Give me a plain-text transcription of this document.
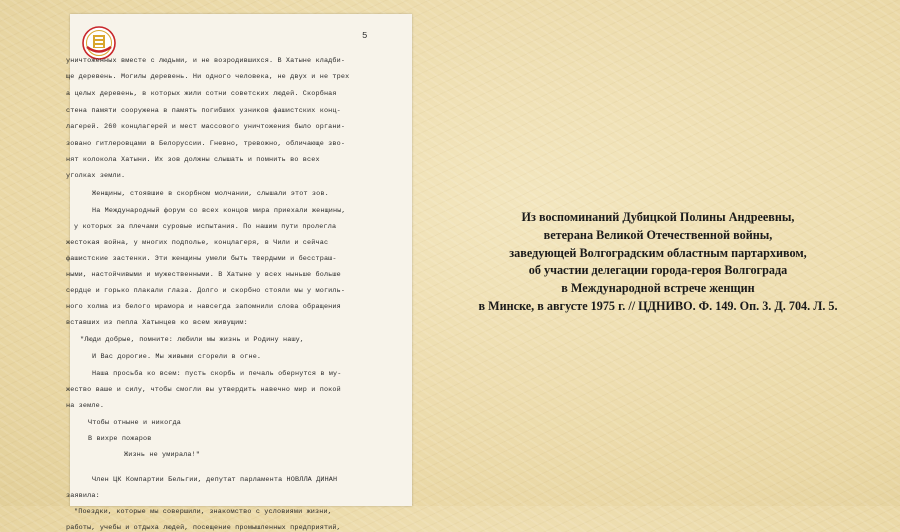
5
уничтоженных вместе с людьми, и не возродившихся. В Хатыне кладби-
ще деревень. Могилы деревень. Ни одного человека, не двух и не трех
а целых деревень, в которых жили сотни советских людей. Скорбная
стена памяти сооружена в память погибших узников фашистских конц-
лагерей. 260 концлагерей и мест массового уничтожения было органи-
зовано гитлеровцами в Белоруссии. Гневно, тревожно, обличающе зво-
нят колокола Хатыни. Их зов должны слышать и помнить во всех
уголках земли.
Женщины, стоявшие в скорбном молчании, слышали этот зов.
На Международный форум со всех концов мира приехали женщины,
у которых за плечами суровые испытания. По нашим пути пролегла
жестокая война, у многих подполье, концлагеря, в Чили и сейчас
фашистские застенки. Эти женщины умели быть твердыми и бесстраш-
ными, настойчивыми и мужественными. В Хатыне у всех ныньше больше
сердце и горько плакали глаза. Долго и скорбно стояли мы у могиль-
ного холма из белого мрамора и навсегда запомнили слова обращения
вставших из пепла Хатынцев ко всем живущим:
"Люди добрые, помните: любили мы жизнь и Родину нашу,
И Вас дорогие. Мы живыми сгорели в огне.
Наша просьба ко всем: пусть скорбь и печаль обернутся в му-
жество ваше и силу, чтобы смогли вы утвердить навечно мир и покой
на земле.
Чтобы отныне и никогда
В вихре пожаров
Жизнь не умирала!"
Член ЦК Компартии Бельгии, депутат парламента НОВЛЛА ДИНАН
заявила:
"Поездки, которые мы совершили, знакомство с условиями жизни,
работы, учебы и отдыха людей, посещение промышленных предприятий,
Из воспоминаний Дубицкой Полины Андреевны,
ветерана Великой Отечественной войны,
заведующей Волгоградским областным партархивом,
об участии делегации города-героя Волгограда
в Международной встрече женщин
в Минске, в августе 1975 г. // ЦДНИВО. Ф. 149. Оп. 3. Д. 704. Л. 5.
